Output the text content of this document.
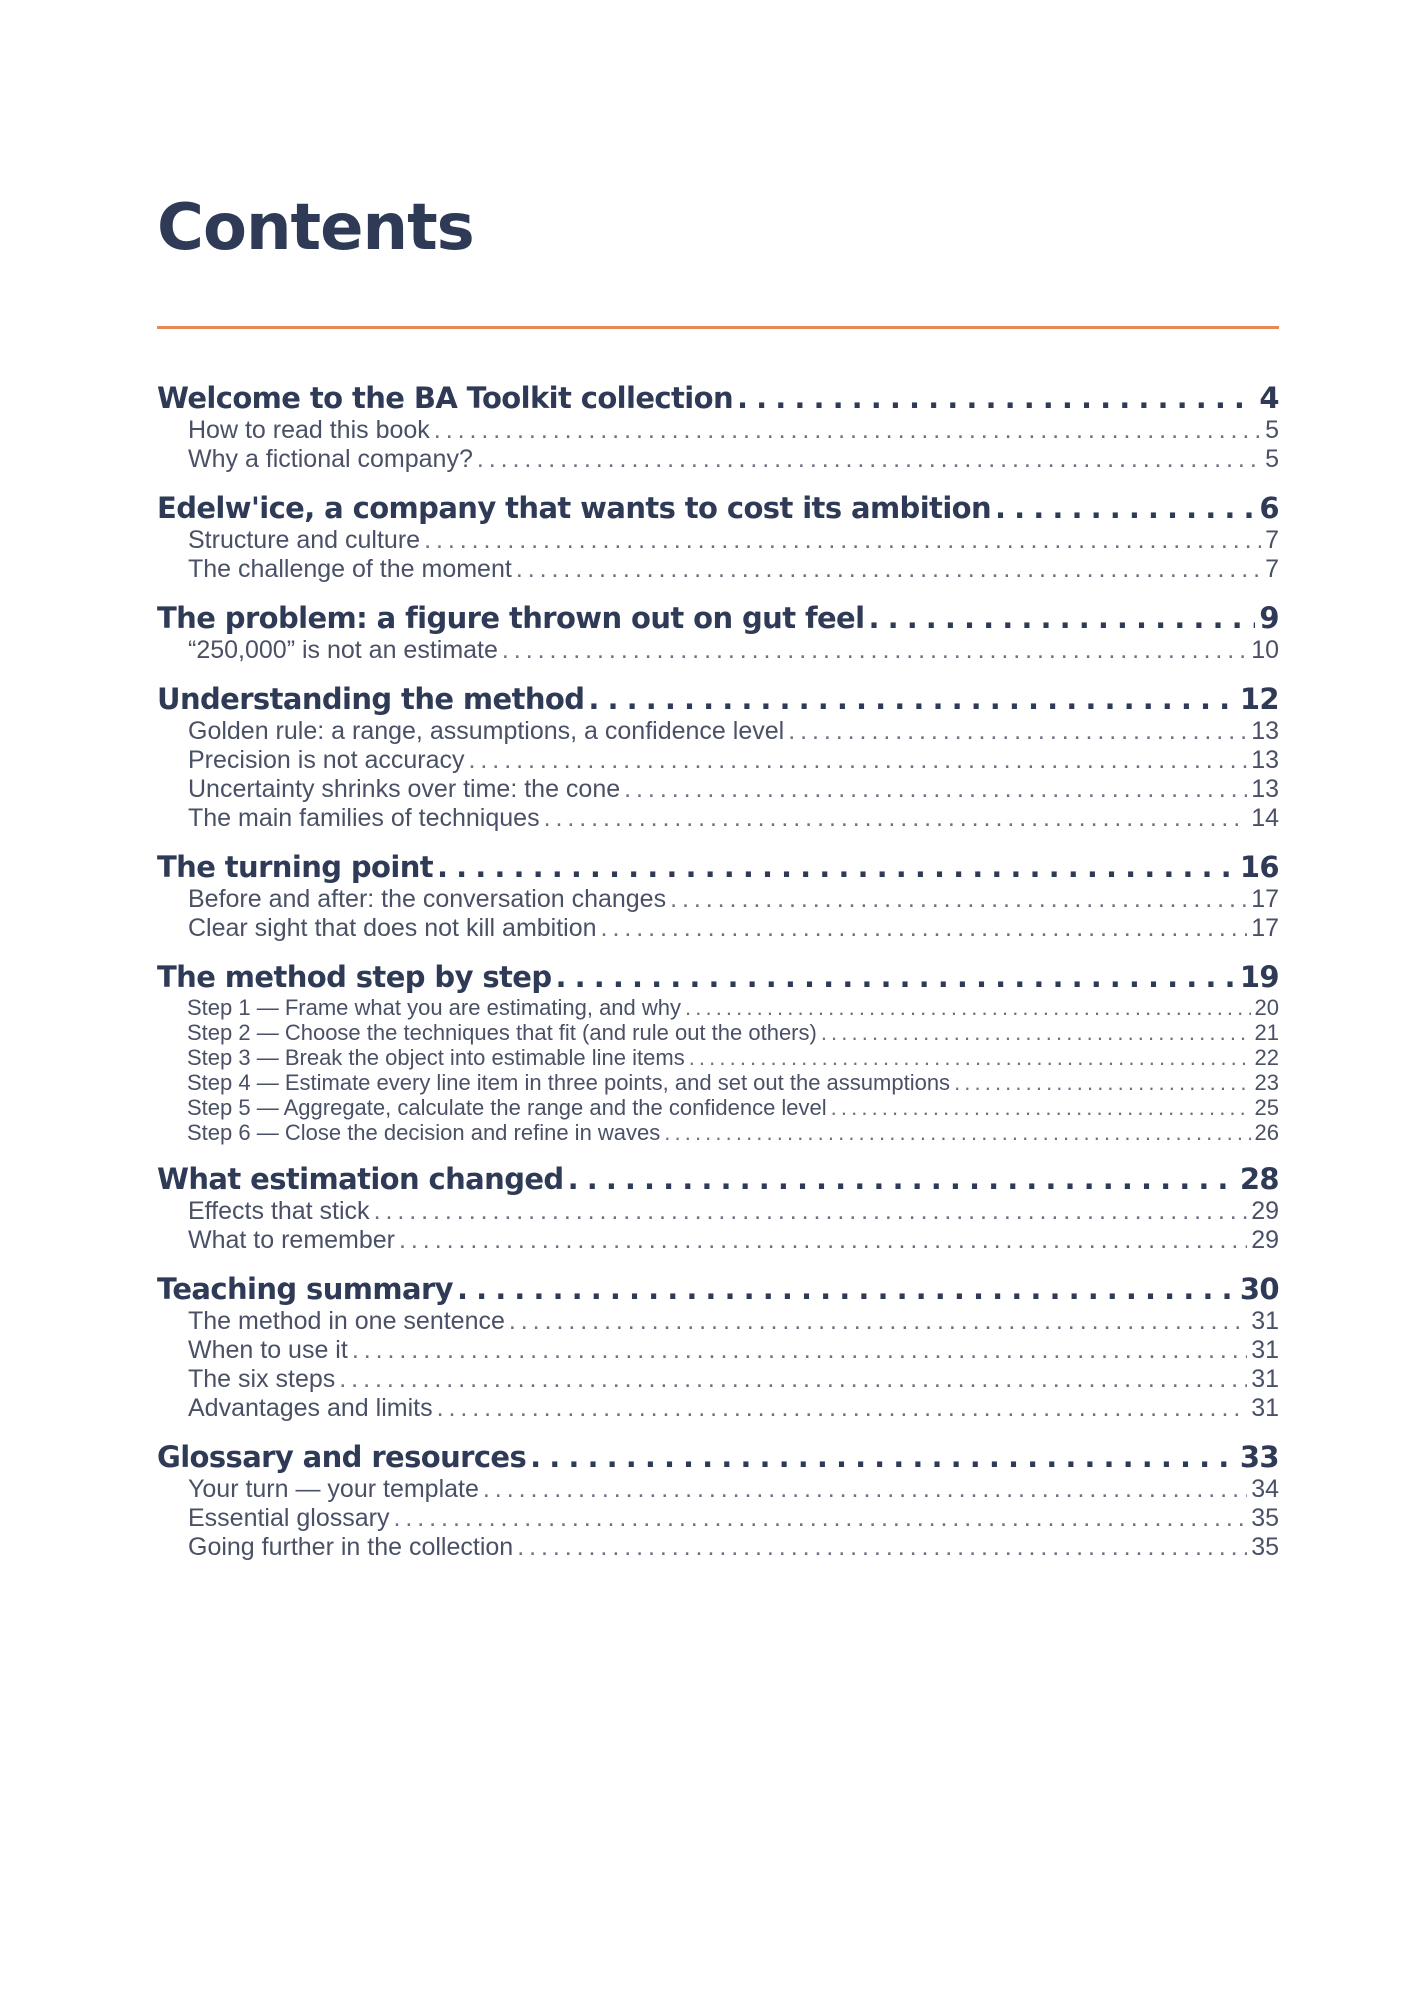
Contents
Welcome to the BA Toolkit collection . . .	4
How to read this book . . .	5
Why a fictional company? . . .	5
Edelw'ice, a company that wants to cost its ambition . . .	6
Structure and culture . . .	7
The challenge of the moment . . .	7
The problem: a figure thrown out on gut feel . . .	9
“250,000” is not an estimate . . .	10
Understanding the method . . .	12
Golden rule: a range, assumptions, a confidence level . . .	13
Precision is not accuracy . . .	13
Uncertainty shrinks over time: the cone . . .	13
The main families of techniques . . .	14
The turning point . . .	16
Before and after: the conversation changes . . .	17
Clear sight that does not kill ambition . . .	17
The method step by step . . .	19
Step 1 — Frame what you are estimating, and why . . .	20
Step 2 — Choose the techniques that fit (and rule out the others) . . .	21
Step 3 — Break the object into estimable line items . . .	22
Step 4 — Estimate every line item in three points, and set out the assumptions . . .	23
Step 5 — Aggregate, calculate the range and the confidence level . . .	25
Step 6 — Close the decision and refine in waves . . .	26
What estimation changed . . .	28
Effects that stick . . .	29
What to remember . . .	29
Teaching summary . . .	30
The method in one sentence . . .	31
When to use it . . .	31
The six steps . . .	31
Advantages and limits . . .	31
Glossary and resources . . .	33
Your turn — your template . . .	34
Essential glossary . . .	35
Going further in the collection . . .	35
